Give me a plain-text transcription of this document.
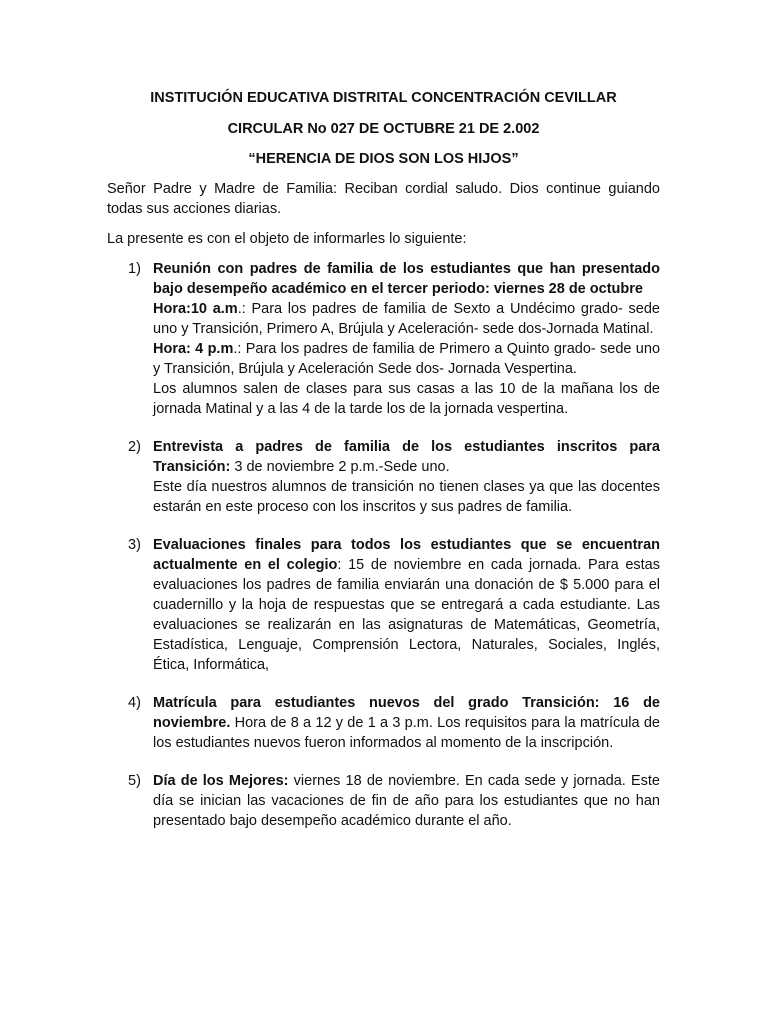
INSTITUCIÓN EDUCATIVA DISTRITAL CONCENTRACIÓN CEVILLAR
CIRCULAR No 027 DE OCTUBRE 21 DE 2.002
“HERENCIA DE DIOS SON LOS HIJOS”

Señor Padre y Madre de Familia: Reciban cordial saludo. Dios continue guiando todas sus acciones diarias.

La presente es con el objeto de informarles lo siguiente:

1) Reunión con padres de familia de los estudiantes que han presentado bajo desempeño académico en el tercer periodo: viernes 28 de octubre

Hora:10 a.m.: Para los padres de familia de Sexto a Undécimo grado- sede uno y Transición, Primero A, Brújula y Aceleración- sede dos-Jornada Matinal.

Hora: 4 p.m.: Para los padres de familia de Primero a Quinto grado- sede uno y Transición, Brújula y Aceleración Sede dos- Jornada Vespertina.

Los alumnos salen de clases para sus casas a las 10 de la mañana los de jornada Matinal y a las 4 de la tarde los de la jornada vespertina.

2) Entrevista a padres de familia de los estudiantes inscritos para Transición: 3 de noviembre 2 p.m.-Sede uno.

Este día nuestros alumnos de transición no tienen clases ya que las docentes estarán en este proceso con los inscritos y sus padres de familia.

3) Evaluaciones finales para todos los estudiantes que se encuentran actualmente en el colegio: 15 de noviembre en cada jornada. Para estas evaluaciones los padres de familia enviarán una donación de $ 5.000 para el cuadernillo y la hoja de respuestas que se entregará a cada estudiante. Las evaluaciones se realizarán en las asignaturas de Matemáticas, Geometría, Estadística, Lenguaje, Comprensión Lectora, Naturales, Sociales, Inglés, Ética, Informática,

4) Matrícula para estudiantes nuevos del grado Transición: 16 de noviembre. Hora de 8 a 12 y de 1 a 3 p.m. Los requisitos para la matrícula de los estudiantes nuevos fueron informados al momento de la inscripción.

5) Día de los Mejores: viernes 18 de noviembre. En cada sede y jornada. Este día se inician las vacaciones de fin de año para los estudiantes que no han presentado bajo desempeño académico durante el año.
